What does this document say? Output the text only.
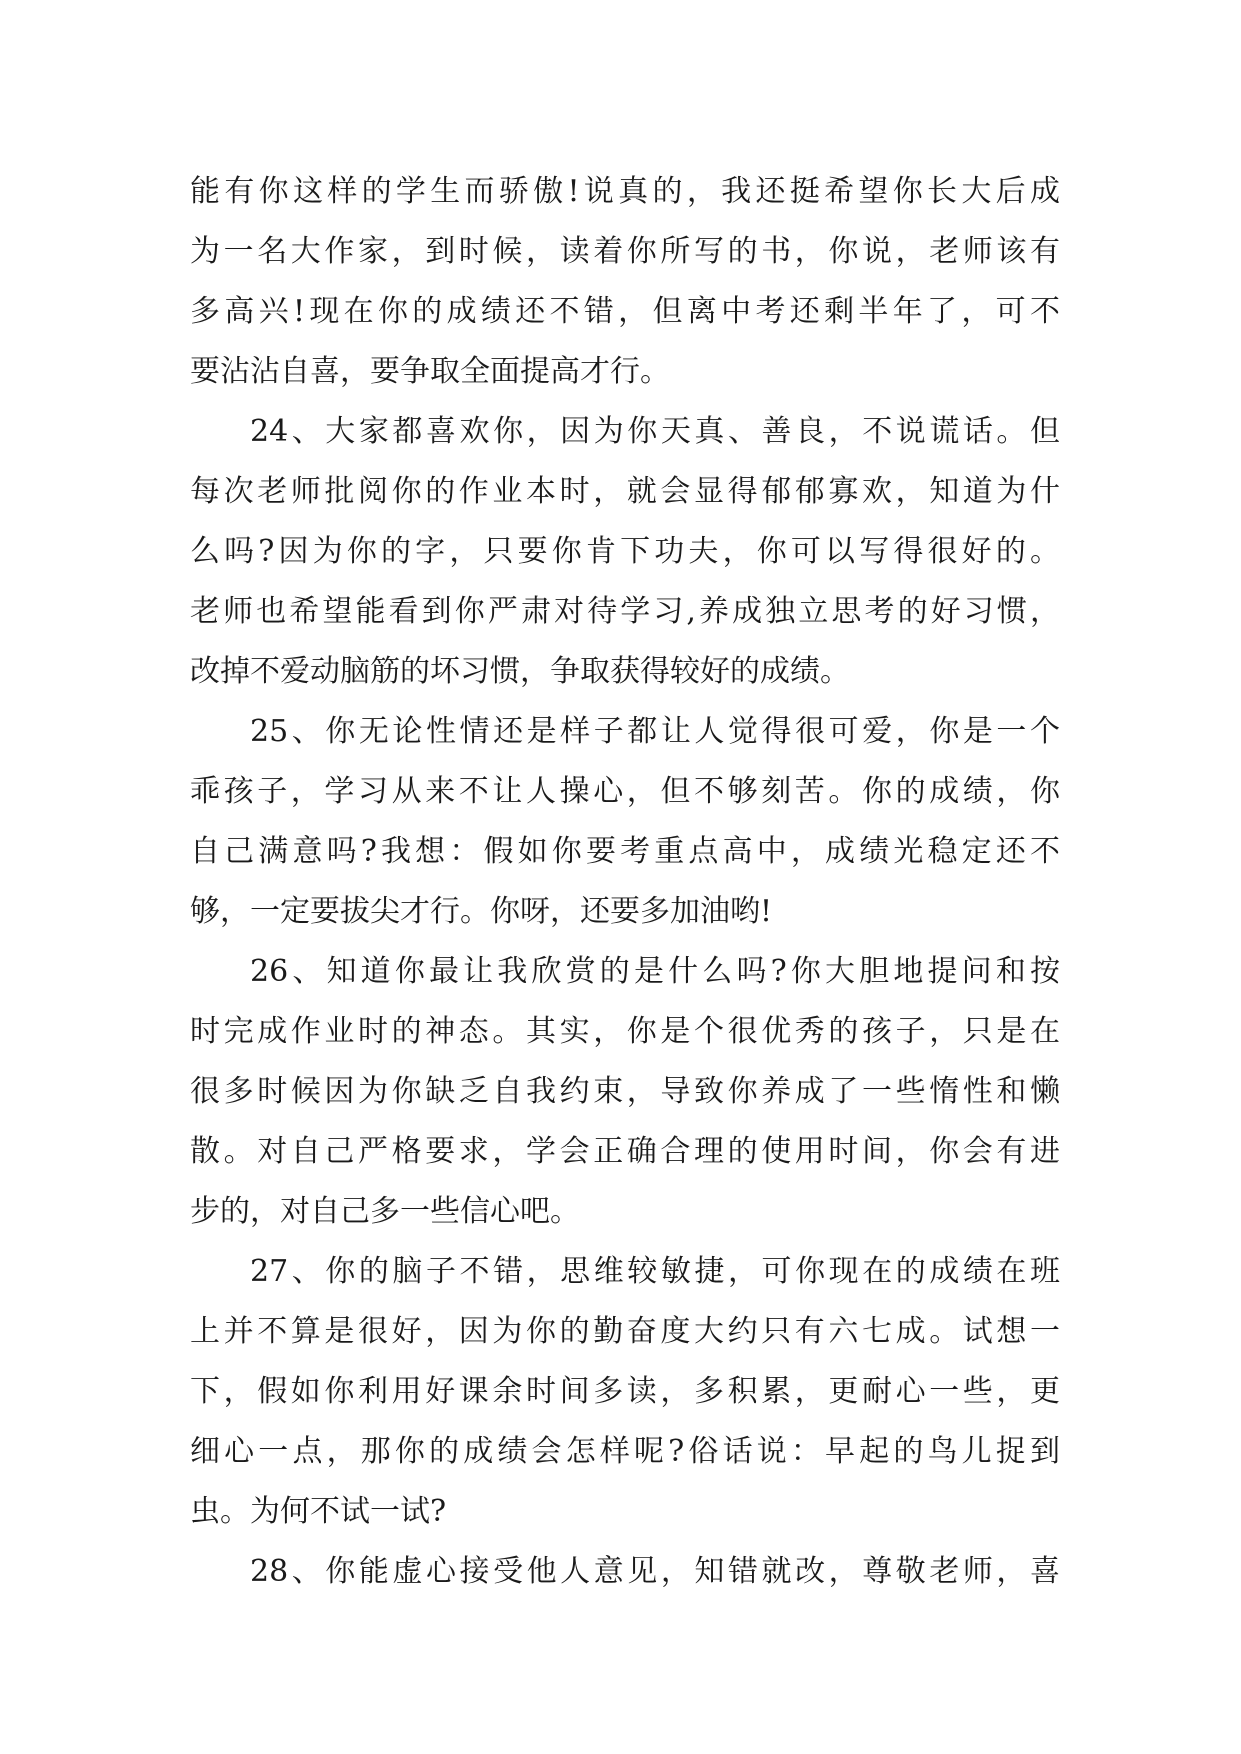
能有你这样的学生而骄傲!说真的，我还挺希望你长大后成
为一名大作家，到时候，读着你所写的书，你说，老师该有
多高兴!现在你的成绩还不错，但离中考还剩半年了，可不
要沾沾自喜，要争取全面提高才行。
24、大家都喜欢你，因为你天真、善良，不说谎话。但
每次老师批阅你的作业本时，就会显得郁郁寡欢，知道为什
么吗?因为你的字，只要你肯下功夫，你可以写得很好的。
老师也希望能看到你严肃对待学习,养成独立思考的好习惯，
改掉不爱动脑筋的坏习惯，争取获得较好的成绩。
25、你无论性情还是样子都让人觉得很可爱，你是一个
乖孩子，学习从来不让人操心，但不够刻苦。你的成绩，你
自己满意吗?我想：假如你要考重点高中，成绩光稳定还不
够，一定要拔尖才行。你呀，还要多加油哟!
26、知道你最让我欣赏的是什么吗?你大胆地提问和按
时完成作业时的神态。其实，你是个很优秀的孩子，只是在
很多时候因为你缺乏自我约束，导致你养成了一些惰性和懒
散。对自己严格要求，学会正确合理的使用时间，你会有进
步的，对自己多一些信心吧。
27、你的脑子不错，思维较敏捷，可你现在的成绩在班
上并不算是很好，因为你的勤奋度大约只有六七成。试想一
下，假如你利用好课余时间多读，多积累，更耐心一些，更
细心一点，那你的成绩会怎样呢?俗话说：早起的鸟儿捉到
虫。为何不试一试?
28、你能虚心接受他人意见，知错就改，尊敬老师，喜
